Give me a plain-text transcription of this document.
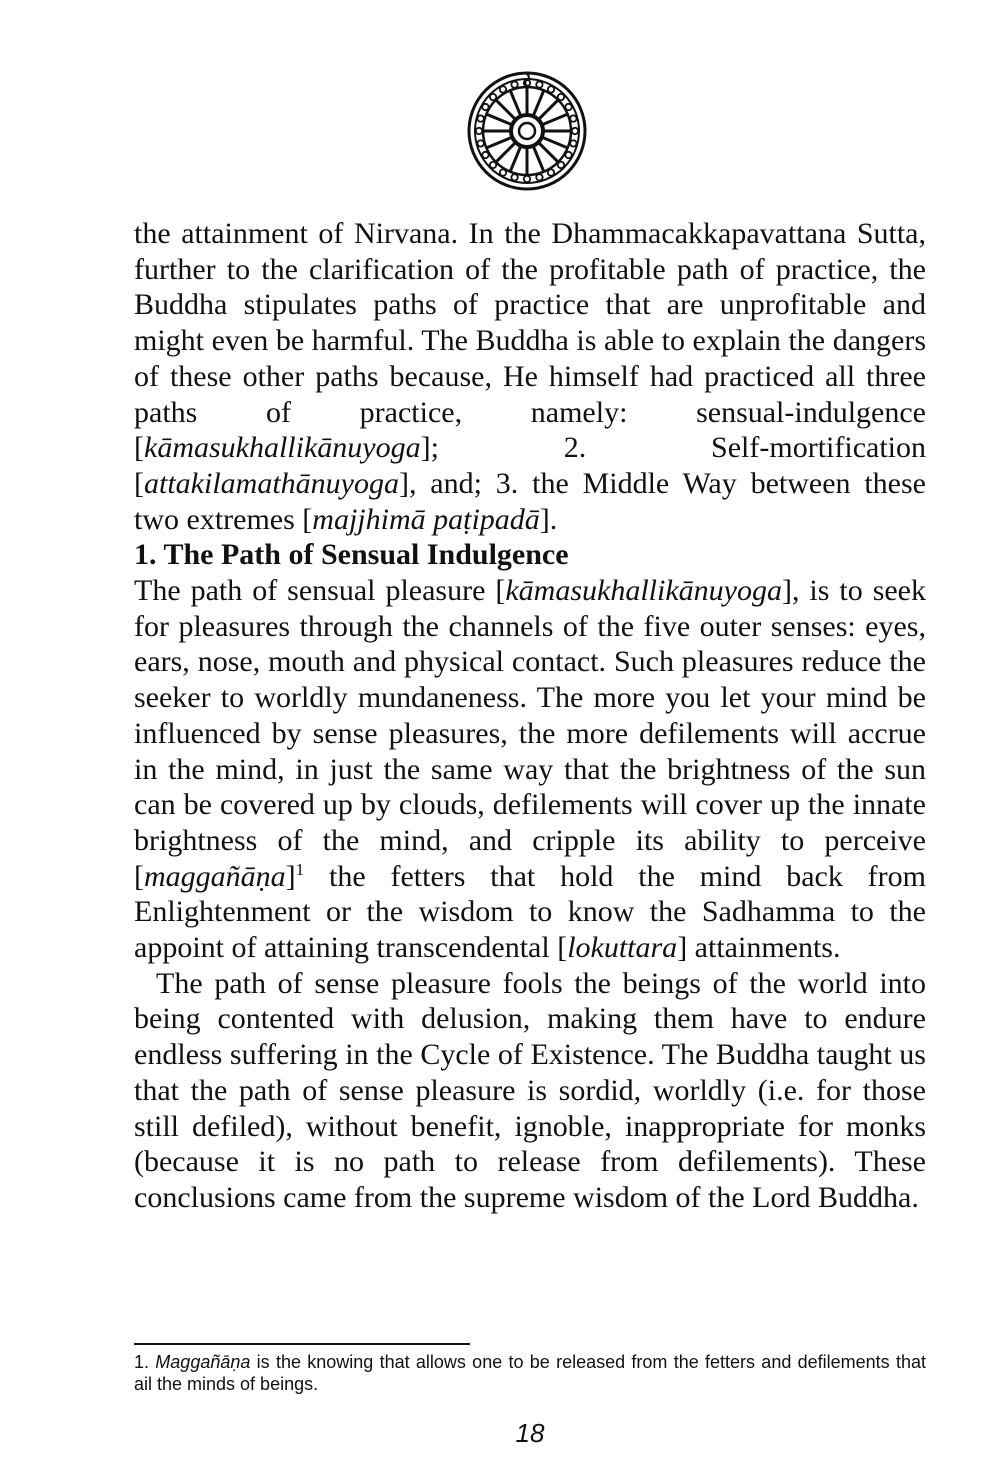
the attainment of Nirvana. In the Dhammacakkapavattana Sutta, further to the clarification of the profitable path of practice, the Buddha stipulates paths of practice that are unprofitable and might even be harmful. The Buddha is able to explain the dangers of these other paths because, He himself had practiced all three paths of practice, namely: sensual-indulgence [kāmasukhallikānuyoga]; 2. Self-mortification [attakilamathānuyoga], and; 3. the Middle Way between these two extremes [majjhimā paṭipadā].

1. The Path of Sensual Indulgence

The path of sensual pleasure [kāmasukhallikānuyoga], is to seek for pleasures through the channels of the five outer senses: eyes, ears, nose, mouth and physical contact. Such pleasures reduce the seeker to worldly mundaneness. The more you let your mind be influenced by sense pleasures, the more defilements will accrue in the mind, in just the same way that the brightness of the sun can be covered up by clouds, defilements will cover up the innate brightness of the mind, and cripple its ability to perceive [maggañāṇa]$^1$ the fetters that hold the mind back from Enlightenment or the wisdom to know the Sadhamma to the appoint of attaining transcendental [lokuttara] attainments.

The path of sense pleasure fools the beings of the world into being contented with delusion, making them have to endure endless suffering in the Cycle of Existence. The Buddha taught us that the path of sense pleasure is sordid, worldly (i.e. for those still defiled), without benefit, ignoble, inappropriate for monks (because it is no path to release from defilements). These conclusions came from the supreme wisdom of the Lord Buddha.

1. Maggañāṇa is the knowing that allows one to be released from the fetters and defilements that ail the minds of beings.
18
